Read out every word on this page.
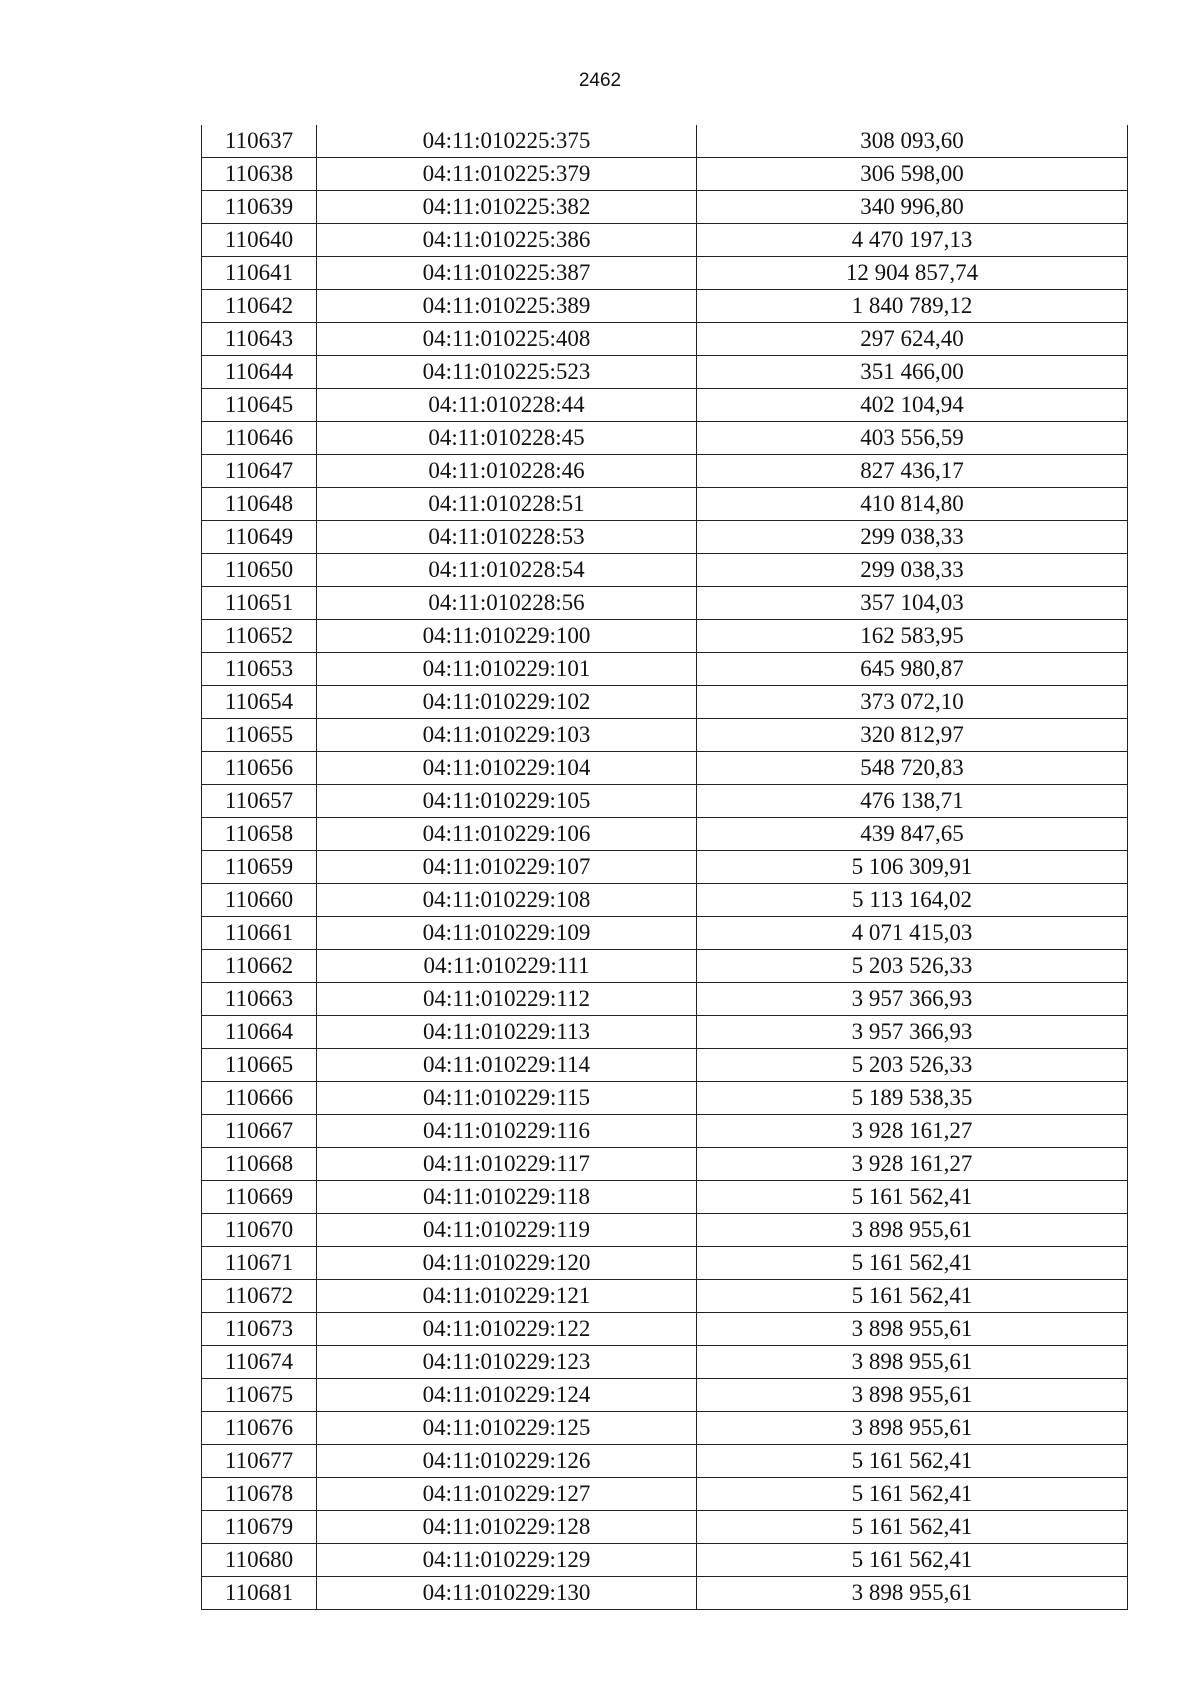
2462
110637	04:11:010225:375	308 093,60
110638	04:11:010225:379	306 598,00
110639	04:11:010225:382	340 996,80
110640	04:11:010225:386	4 470 197,13
110641	04:11:010225:387	12 904 857,74
110642	04:11:010225:389	1 840 789,12
110643	04:11:010225:408	297 624,40
110644	04:11:010225:523	351 466,00
110645	04:11:010228:44	402 104,94
110646	04:11:010228:45	403 556,59
110647	04:11:010228:46	827 436,17
110648	04:11:010228:51	410 814,80
110649	04:11:010228:53	299 038,33
110650	04:11:010228:54	299 038,33
110651	04:11:010228:56	357 104,03
110652	04:11:010229:100	162 583,95
110653	04:11:010229:101	645 980,87
110654	04:11:010229:102	373 072,10
110655	04:11:010229:103	320 812,97
110656	04:11:010229:104	548 720,83
110657	04:11:010229:105	476 138,71
110658	04:11:010229:106	439 847,65
110659	04:11:010229:107	5 106 309,91
110660	04:11:010229:108	5 113 164,02
110661	04:11:010229:109	4 071 415,03
110662	04:11:010229:111	5 203 526,33
110663	04:11:010229:112	3 957 366,93
110664	04:11:010229:113	3 957 366,93
110665	04:11:010229:114	5 203 526,33
110666	04:11:010229:115	5 189 538,35
110667	04:11:010229:116	3 928 161,27
110668	04:11:010229:117	3 928 161,27
110669	04:11:010229:118	5 161 562,41
110670	04:11:010229:119	3 898 955,61
110671	04:11:010229:120	5 161 562,41
110672	04:11:010229:121	5 161 562,41
110673	04:11:010229:122	3 898 955,61
110674	04:11:010229:123	3 898 955,61
110675	04:11:010229:124	3 898 955,61
110676	04:11:010229:125	3 898 955,61
110677	04:11:010229:126	5 161 562,41
110678	04:11:010229:127	5 161 562,41
110679	04:11:010229:128	5 161 562,41
110680	04:11:010229:129	5 161 562,41
110681	04:11:010229:130	3 898 955,61
